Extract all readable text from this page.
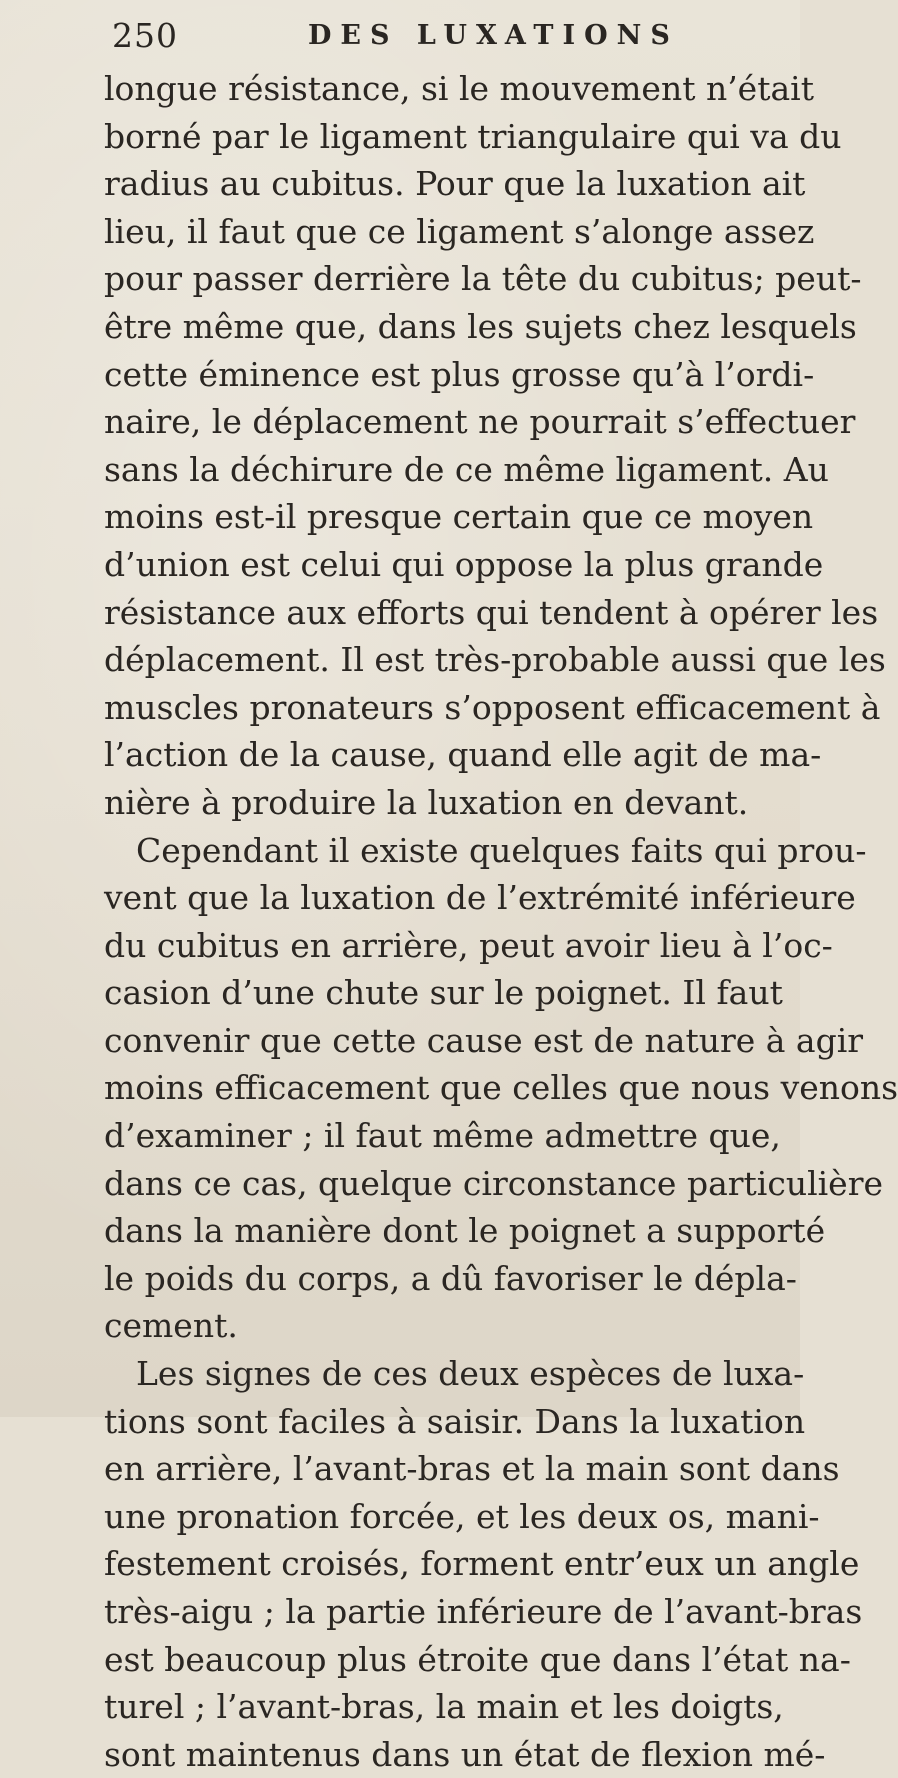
250	DES LUXATIONS
longue résistance, si le mouvement n’était
borné par le ligament triangulaire qui va du
radius au cubitus. Pour que la luxation ait
lieu, il faut que ce ligament s’alonge assez
pour passer derrière la tête du cubitus; peut-
être même que, dans les sujets chez lesquels
cette éminence est plus grosse qu’à l’ordi-
naire, le déplacement ne pourrait s’effectuer
sans la déchirure de ce même ligament. Au
moins est-il presque certain que ce moyen
d’union est celui qui oppose la plus grande
résistance aux efforts qui tendent à opérer les
déplacement. Il est très-probable aussi que les
muscles pronateurs s’opposent efficacement à
l’action de la cause, quand elle agit de ma-
nière à produire la luxation en devant.
Cependant il existe quelques faits qui prou-
vent que la luxation de l’extrémité inférieure
du cubitus en arrière, peut avoir lieu à l’oc-
casion d’une chute sur le poignet. Il faut
convenir que cette cause est de nature à agir
moins efficacement que celles que nous venons
d’examiner ; il faut même admettre que,
dans ce cas, quelque circonstance particulière
dans la manière dont le poignet a supporté
le poids du corps, a dû favoriser le dépla-
cement.
Les signes de ces deux espèces de luxa-
tions sont faciles à saisir. Dans la luxation
en arrière, l’avant-bras et la main sont dans
une pronation forcée, et les deux os, mani-
festement croisés, forment entr’eux un angle
très-aigu ; la partie inférieure de l’avant-bras
est beaucoup plus étroite que dans l’état na-
turel ; l’avant-bras, la main et les doigts,
sont maintenus dans un état de flexion mé-
